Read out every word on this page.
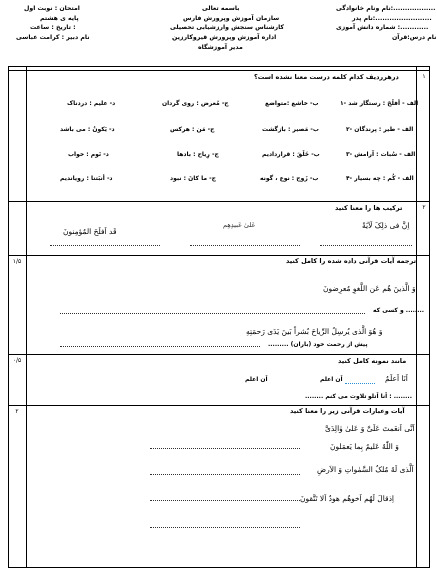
امتحان : نوبت اول
پایه ی هشتم
تاریخ : ساعت :
نام دبیر : کرامت عباسی
باسمه تعالی
سازمان آموزش وپرورش فارس
کارشناس سنجش وارزشیابی تحصیلی
اداره آموزش وپرورش قیروکارزین
مدیر آموزشگاه
نام ونام خانوادگی:..................
نام پدر:........................
شماره دانش آموزی :............
نام درس:قرآن
۱
۲
۱/۵
۰/۵
۲
درهرردیف کدام کلمه درست معنا نشده است؟
۱- الف - أفلَحَ : رستگار شد
ب- خاشع :متواضع
ج- مُعرض : روی گردان
د- علیم : دردناک
۲- الف - طیر : پرندگان
ب- مَصیر : بازگشت
ج- مَن : هرکس
د- یَکونُ : می باشد
۳- الف - سُبات : آرامش
ب- خَلَقَ : قراردادیم
ج- رِیاح : بادها
د- نَوم : خواب
۴- الف - کُم : چه بسیار
ب- زَوج : نوع ، گونه
ج- ما کانَ : نبود
د- أنبَتنا : رویاندیم
ترکیب ها را معنا کنید
اِنَّ فی ذلِکَ لَآیَةً
عَلیٰ عَبیدِهِم
قَد اَفلَحَ المُؤمِنونَ
ترجمه آیات قرآنی داده شده را کامل کنید
وَ الَّذینَ هُم عَن اللَّغوِ مُعرِضونَ
و کسی که ........
وَ هُوَ الَّذی یُرسِلُ الرِّیاحَ بُشراً بَینَ یَدَی رَحمَتِهِ
......... پیش از رحمت خود (باران)
مانند نمونه کامل کنید
اَنَا اَعلَمُ
اَن اعلم
اَن اعلم
اَنا اَتلو : ........
........ تلاوت می کنم
آیات وعبارات قرآنی زیر را معنا کنید
اَنَّی اَنعَمتَ عَلَیَّ وَ عَلیٰ وٰالِدَیَّ
وَ اللّٰهُ عَلیمٌ بِما یَعمَلونَ
اَلَّذی لَهُ مُلکُ السَّمٰواتِ وَ الاَرضِ
اِذقالَ لَهُم اَخوهُم هودٌ اَلا تَتَّقونَ
